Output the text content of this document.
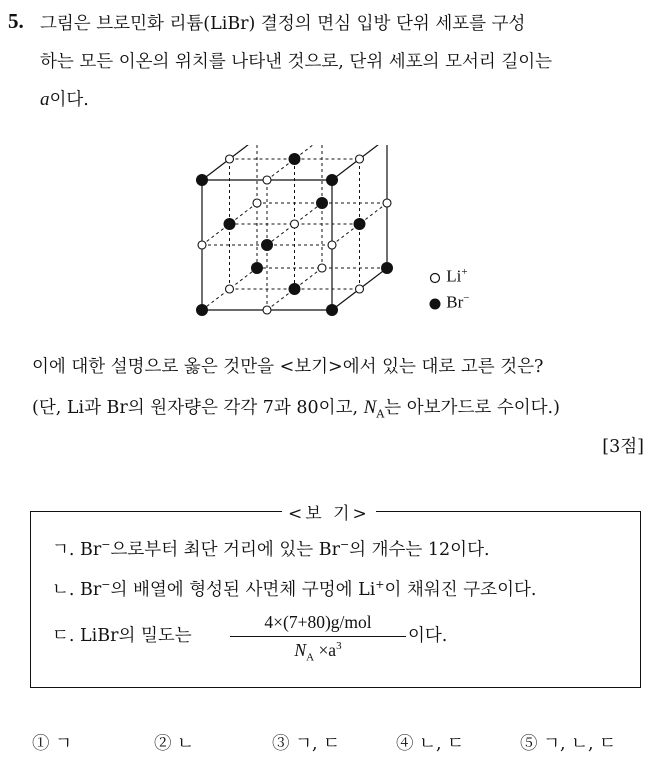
5. 그림은 브로민화 리튬(LiBr) 결정의 면심 입방 단위 세포를 구성
하는 모든 이온의 위치를 나타낸 것으로, 단위 세포의 모서리 길이는
a이다.
Li+
Br−
이에 대한 설명으로 옳은 것만을 <보기>에서 있는 대로 고른 것은?
(단, Li과 Br의 원자량은 각각 7과 80이고, $N_A$는 아보가드로 수이다.)
[3점]
<보 기>
ㄱ. Br−으로부터 최단 거리에 있는 Br−의 개수는 12이다.
ㄴ. Br−의 배열에 형성된 사면체 구멍에 Li+이 채워진 구조이다.
ㄷ. LiBr의 밀도는
4×(7+80)g/mol
$N_A \times a^3$
이다.
① ㄱ	② ㄴ	③ ㄱ, ㄷ	④ ㄴ, ㄷ	⑤ ㄱ, ㄴ, ㄷ
